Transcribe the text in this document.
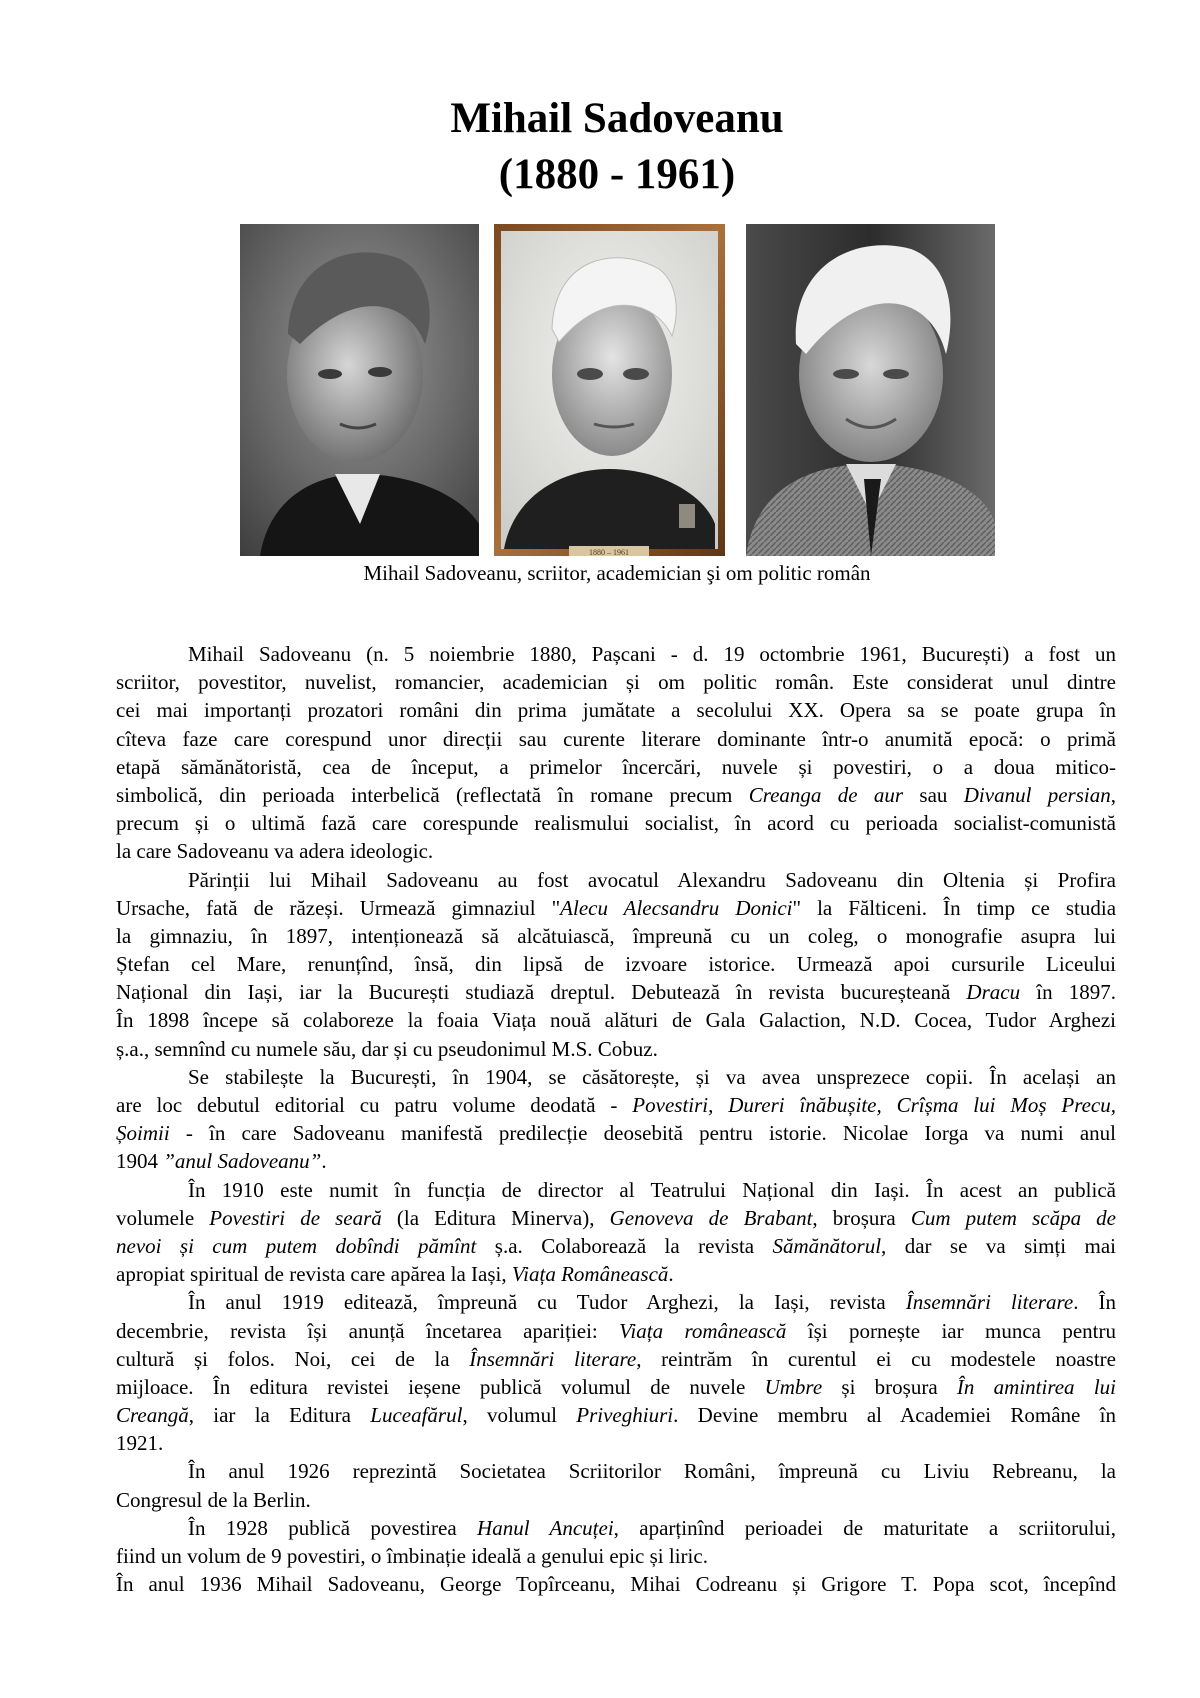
Mihail Sadoveanu
(1880 - 1961)
1880 – 1961
Mihail Sadoveanu, scriitor, academician şi om politic român
Mihail Sadoveanu (n. 5 noiembrie 1880, Pașcani - d. 19 octombrie 1961, București) a fost un
scriitor, povestitor, nuvelist, romancier, academician și om politic român. Este considerat unul dintre
cei mai importanți prozatori români din prima jumătate a secolului XX. Opera sa se poate grupa în
cîteva faze care corespund unor direcții sau curente literare dominante într-o anumită epocă: o primă
etapă sămănătoristă, cea de început, a primelor încercări, nuvele și povestiri, o a doua mitico-
simbolică, din perioada interbelică (reflectată în romane precum Creanga de aur sau Divanul persian,
precum și o ultimă fază care corespunde realismului socialist, în acord cu perioada socialist-comunistă
la care Sadoveanu va adera ideologic.
Părinții lui Mihail Sadoveanu au fost avocatul Alexandru Sadoveanu din Oltenia și Profira
Ursache, fată de răzeși. Urmează gimnaziul "Alecu Alecsandru Donici" la Fălticeni. În timp ce studia
la gimnaziu, în 1897, intenționează să alcătuiască, împreună cu un coleg, o monografie asupra lui
Ștefan cel Mare, renunțînd, însă, din lipsă de izvoare istorice. Urmează apoi cursurile Liceului
Național din Iași, iar la București studiază dreptul. Debutează în revista bucureșteană Dracu în 1897.
În 1898 începe să colaboreze la foaia Viața nouă alături de Gala Galaction, N.D. Cocea, Tudor Arghezi
ș.a., semnînd cu numele său, dar și cu pseudonimul M.S. Cobuz.
Se stabilește la București, în 1904, se căsătorește, și va avea unsprezece copii. În același an
are loc debutul editorial cu patru volume deodată - Povestiri, Dureri înăbușite, Crîșma lui Moș Precu,
Șoimii - în care Sadoveanu manifestă predilecție deosebită pentru istorie. Nicolae Iorga va numi anul
1904 ”anul Sadoveanu”.
În 1910 este numit în funcția de director al Teatrului Național din Iași. În acest an publică
volumele Povestiri de seară (la Editura Minerva), Genoveva de Brabant, broșura Cum putem scăpa de
nevoi și cum putem dobîndi pămînt ș.a. Colaborează la revista Sămănătorul, dar se va simți mai
apropiat spiritual de revista care apărea la Iași, Viața Românească.
În anul 1919 editează, împreună cu Tudor Arghezi, la Iași, revista Însemnări literare. În
decembrie, revista își anunță încetarea apariției: Viața românească își pornește iar munca pentru
cultură și folos. Noi, cei de la Însemnări literare, reintrăm în curentul ei cu modestele noastre
mijloace. În editura revistei ieșene publică volumul de nuvele Umbre și broșura În amintirea lui
Creangă, iar la Editura Luceafărul, volumul Priveghiuri. Devine membru al Academiei Române în
1921.
În anul 1926 reprezintă Societatea Scriitorilor Români, împreună cu Liviu Rebreanu, la
Congresul de la Berlin.
În 1928 publică povestirea Hanul Ancuței, aparținînd perioadei de maturitate a scriitorului,
fiind un volum de 9 povestiri, o îmbinație ideală a genului epic și liric.
În anul 1936 Mihail Sadoveanu, George Topîrceanu, Mihai Codreanu și Grigore T. Popa scot, începînd
